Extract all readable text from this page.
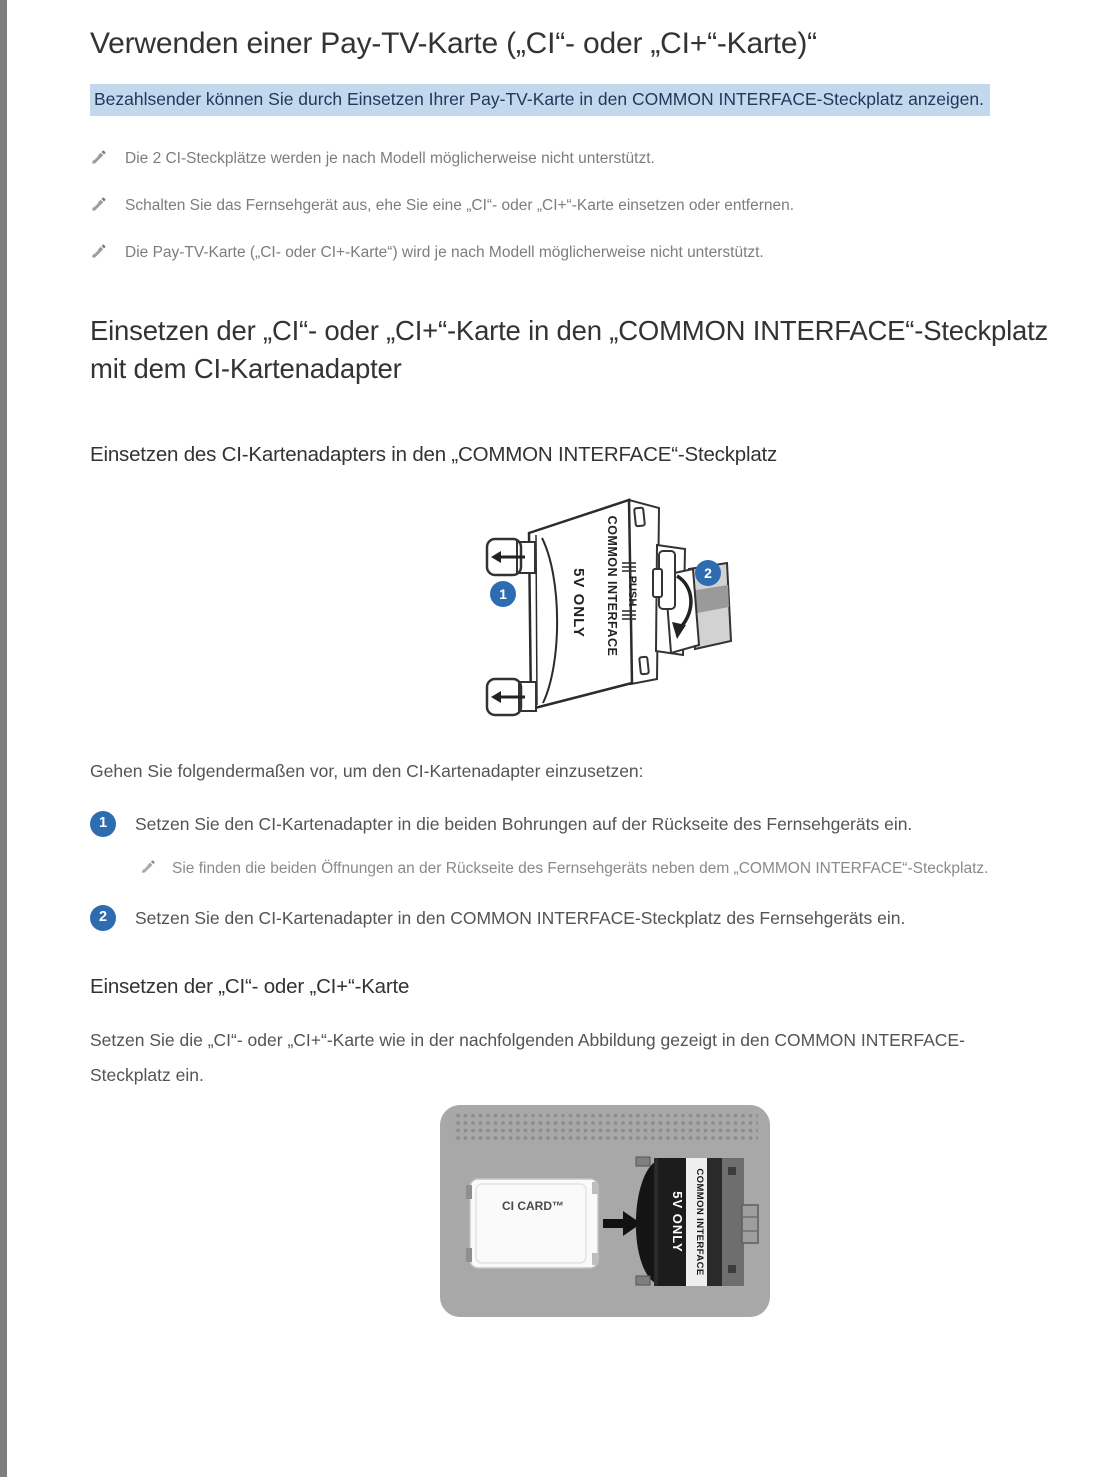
Verwenden einer Pay-TV-Karte („CI“- oder „CI+“-Karte)“
Bezahlsender können Sie durch Einsetzen Ihrer Pay-TV-Karte in den COMMON INTERFACE-Steckplatz anzeigen.
Die 2 CI-Steckplätze werden je nach Modell möglicherweise nicht unterstützt.
Schalten Sie das Fernsehgerät aus, ehe Sie eine „CI“- oder „CI+“-Karte einsetzen oder entfernen.
Die Pay-TV-Karte („CI- oder CI+-Karte“) wird je nach Modell möglicherweise nicht unterstützt.
Einsetzen der „CI“- oder „CI+“-Karte in den „COMMON INTERFACE“-Steckplatz mit dem CI-Kartenadapter
Einsetzen des CI-Kartenadapters in den „COMMON INTERFACE“-Steckplatz
5V ONLY COMMON INTERFACE PUSH
1
2

Gehen Sie folgendermaßen vor, um den CI-Kartenadapter einzusetzen:

1	Setzen Sie den CI-Kartenadapter in die beiden Bohrungen auf der Rückseite des Fernsehgeräts ein.
Sie finden die beiden Öffnungen an der Rückseite des Fernsehgeräts neben dem „COMMON INTERFACE“-Steckplatz.
2	Setzen Sie den CI-Kartenadapter in den COMMON INTERFACE-Steckplatz des Fernsehgeräts ein.
Einsetzen der „CI“- oder „CI+“-Karte

Setzen Sie die „CI“- oder „CI+“-Karte wie in der nachfolgenden Abbildung gezeigt in den COMMON INTERFACE-Steckplatz ein.

CI CARD™	5V ONLY COMMON INTERFACE
